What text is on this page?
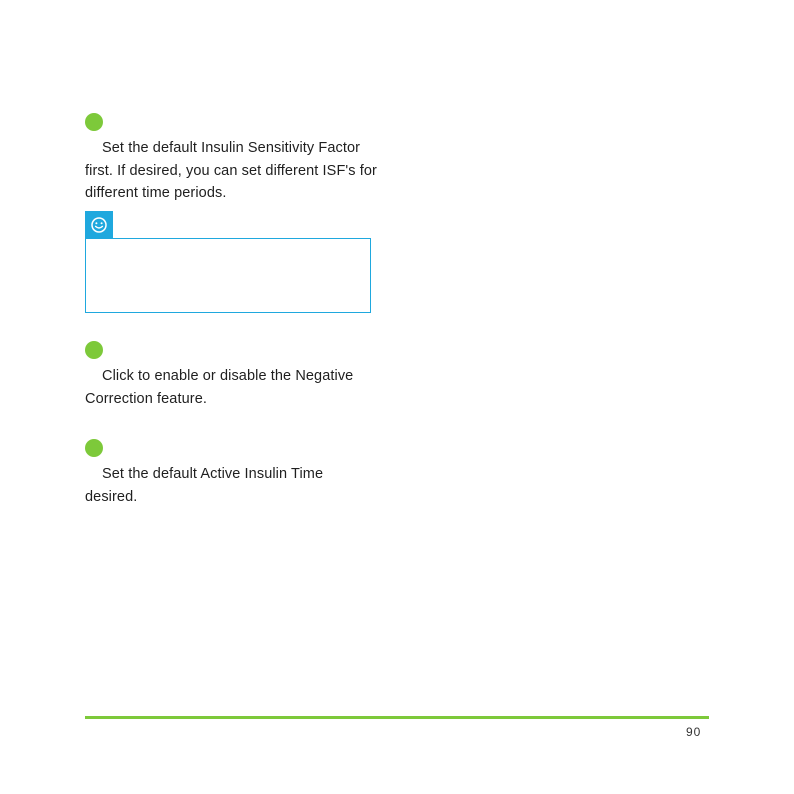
Set the default Insulin Sensitivity Factor first. If desired, you can set different ISF's for different time periods.

Click to enable or disable the Negative Correction feature.

Set the default Active Insulin Time desired.

90
